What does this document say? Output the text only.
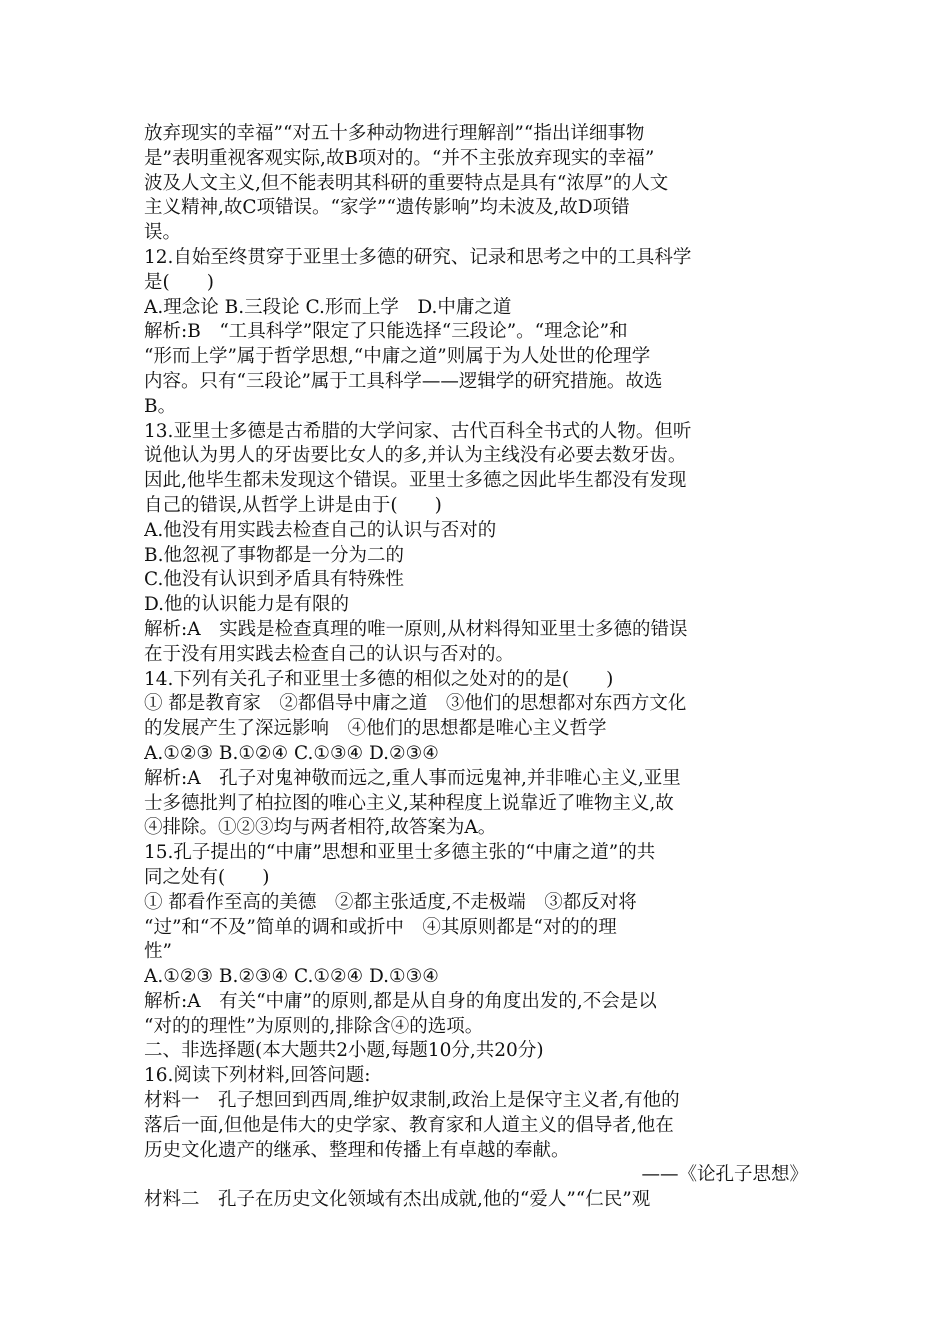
放弃现实的幸福”“对五十多种动物进行理解剖”“指出详细事物
是”表明重视客观实际,故B项对的。“并不主张放弃现实的幸福”
波及人文主义,但不能表明其科研的重要特点是具有“浓厚”的人文
主义精神,故C项错误。“家学”“遗传影响”均未波及,故D项错
误。
12.自始至终贯穿于亚里士多德的研究、记录和思考之中的工具科学
是(　　)
A.理念论 B.三段论 C.形而上学　D.中庸之道
解析:B　“工具科学”限定了只能选择“三段论”。“理念论”和
“形而上学”属于哲学思想,“中庸之道”则属于为人处世的伦理学
内容。只有“三段论”属于工具科学——逻辑学的研究措施。故选
B。
13.亚里士多德是古希腊的大学问家、古代百科全书式的人物。但听
说他认为男人的牙齿要比女人的多,并认为主线没有必要去数牙齿。
因此,他毕生都未发现这个错误。亚里士多德之因此毕生都没有发现
自己的错误,从哲学上讲是由于(　　)
A.他没有用实践去检查自己的认识与否对的
B.他忽视了事物都是一分为二的
C.他没有认识到矛盾具有特殊性
D.他的认识能力是有限的
解析:A　实践是检查真理的唯一原则,从材料得知亚里士多德的错误
在于没有用实践去检查自己的认识与否对的。
14.下列有关孔子和亚里士多德的相似之处对的的是(　　)
① 都是教育家　②都倡导中庸之道　③他们的思想都对东西方文化
的发展产生了深远影响　④他们的思想都是唯心主义哲学
A.①②③ B.①②④ C.①③④ D.②③④
解析:A　孔子对鬼神敬而远之,重人事而远鬼神,并非唯心主义,亚里
士多德批判了柏拉图的唯心主义,某种程度上说靠近了唯物主义,故
④排除。①②③均与两者相符,故答案为A。
15.孔子提出的“中庸”思想和亚里士多德主张的“中庸之道”的共
同之处有(　　)
① 都看作至高的美德　②都主张适度,不走极端　③都反对将
“过”和“不及”简单的调和或折中　④其原则都是“对的的理
性”
A.①②③ B.②③④ C.①②④ D.①③④
解析:A　有关“中庸”的原则,都是从自身的角度出发的,不会是以
“对的的理性”为原则的,排除含④的选项。
二、非选择题(本大题共2小题,每题10分,共20分)
16.阅读下列材料,回答问题:
材料一　孔子想回到西周,维护奴隶制,政治上是保守主义者,有他的
落后一面,但他是伟大的史学家、教育家和人道主义的倡导者,他在
历史文化遗产的继承、整理和传播上有卓越的奉献。
——《论孔子思想》
材料二　孔子在历史文化领域有杰出成就,他的“爱人”“仁民”观
